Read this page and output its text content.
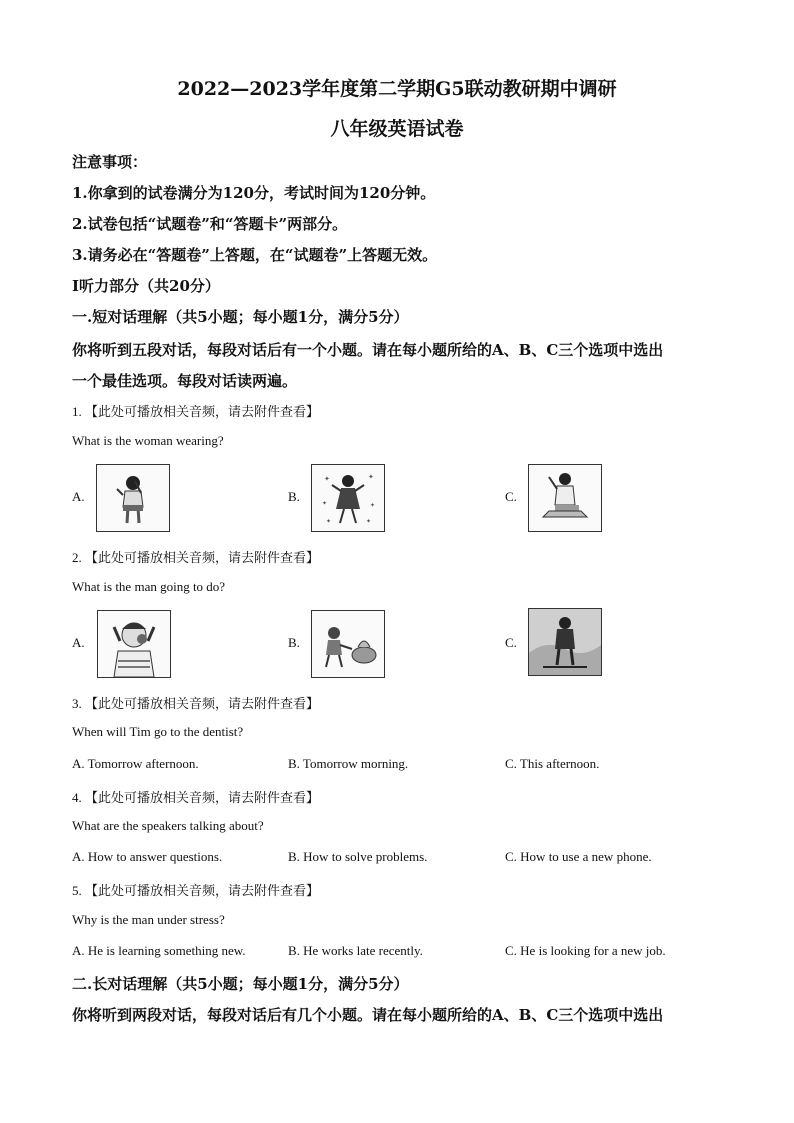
2022—2023学年度第二学期G5联动教研期中调研
八年级英语试卷
注意事项：
1.你拿到的试卷满分为120分，考试时间为120分钟。
2.试卷包括“试题卷”和“答题卡”两部分。
3.请务必在“答题卷”上答题，在“试题卷”上答题无效。
Ⅰ听力部分（共20分）
一.短对话理解（共5小题；每小题1分，满分5分）
你将听到五段对话，每段对话后有一个小题。请在每小题所给的A、B、C三个选项中选出
一个最佳选项。每段对话读两遍。
1. 【此处可播放相关音频，请去附件查看】
What is the woman wearing?
A.	B.
✦	✦
✦	✦
✦
✦
C.
2. 【此处可播放相关音频，请去附件查看】
What is the man going to do?
A.	B.	C.
3. 【此处可播放相关音频，请去附件查看】
When will Tim go to the dentist?
A. Tomorrow afternoon.	B. Tomorrow morning.	C. This afternoon.
4. 【此处可播放相关音频，请去附件查看】
What are the speakers talking about?
A. How to answer questions.	B. How to solve problems.	C. How to use a new phone.
5. 【此处可播放相关音频，请去附件查看】
Why is the man under stress?
A. He is learning something new.	B. He works late recently.	C. He is looking for a new job.
二.长对话理解（共5小题；每小题1分，满分5分）
你将听到两段对话，每段对话后有几个小题。请在每小题所给的A、B、C三个选项中选出
